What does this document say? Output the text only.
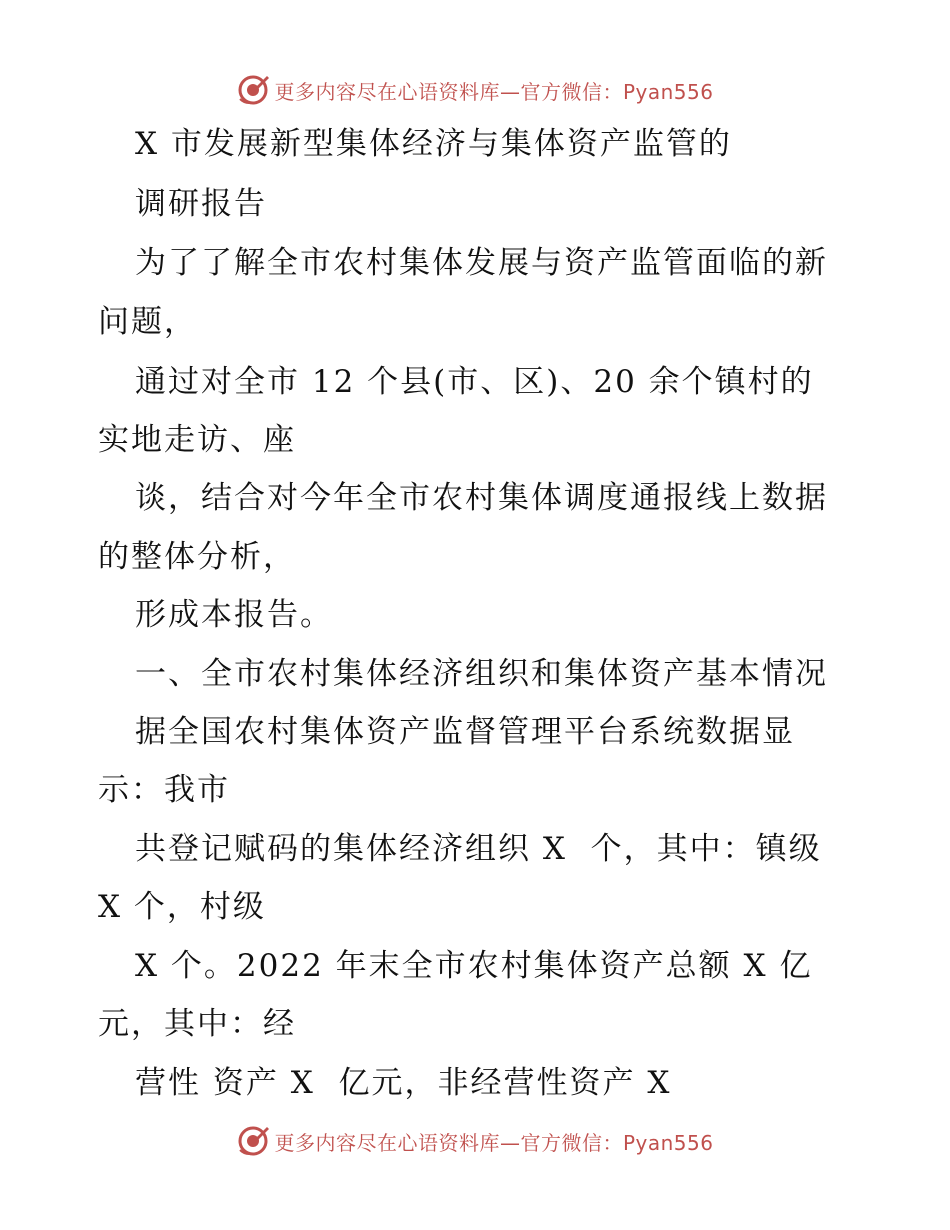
更多内容尽在心语资料库—官方微信：Pyan556
X 市发展新型集体经济与集体资产监管的
调研报告
为了了解全市农村集体发展与资产监管面临的新
问题，
通过对全市 12 个县(市、区)、20 余个镇村的
实地走访、座
谈，结合对今年全市农村集体调度通报线上数据
的整体分析，
形成本报告。
一、全市农村集体经济组织和集体资产基本情况
据全国农村集体资产监督管理平台系统数据显
示：我市
共登记赋码的集体经济组织 X  个，其中：镇级
X 个，村级
X 个。2022 年末全市农村集体资产总额 X 亿
元，其中：经
营性 资产 X  亿元，非经营性资产 X
更多内容尽在心语资料库—官方微信：Pyan556
